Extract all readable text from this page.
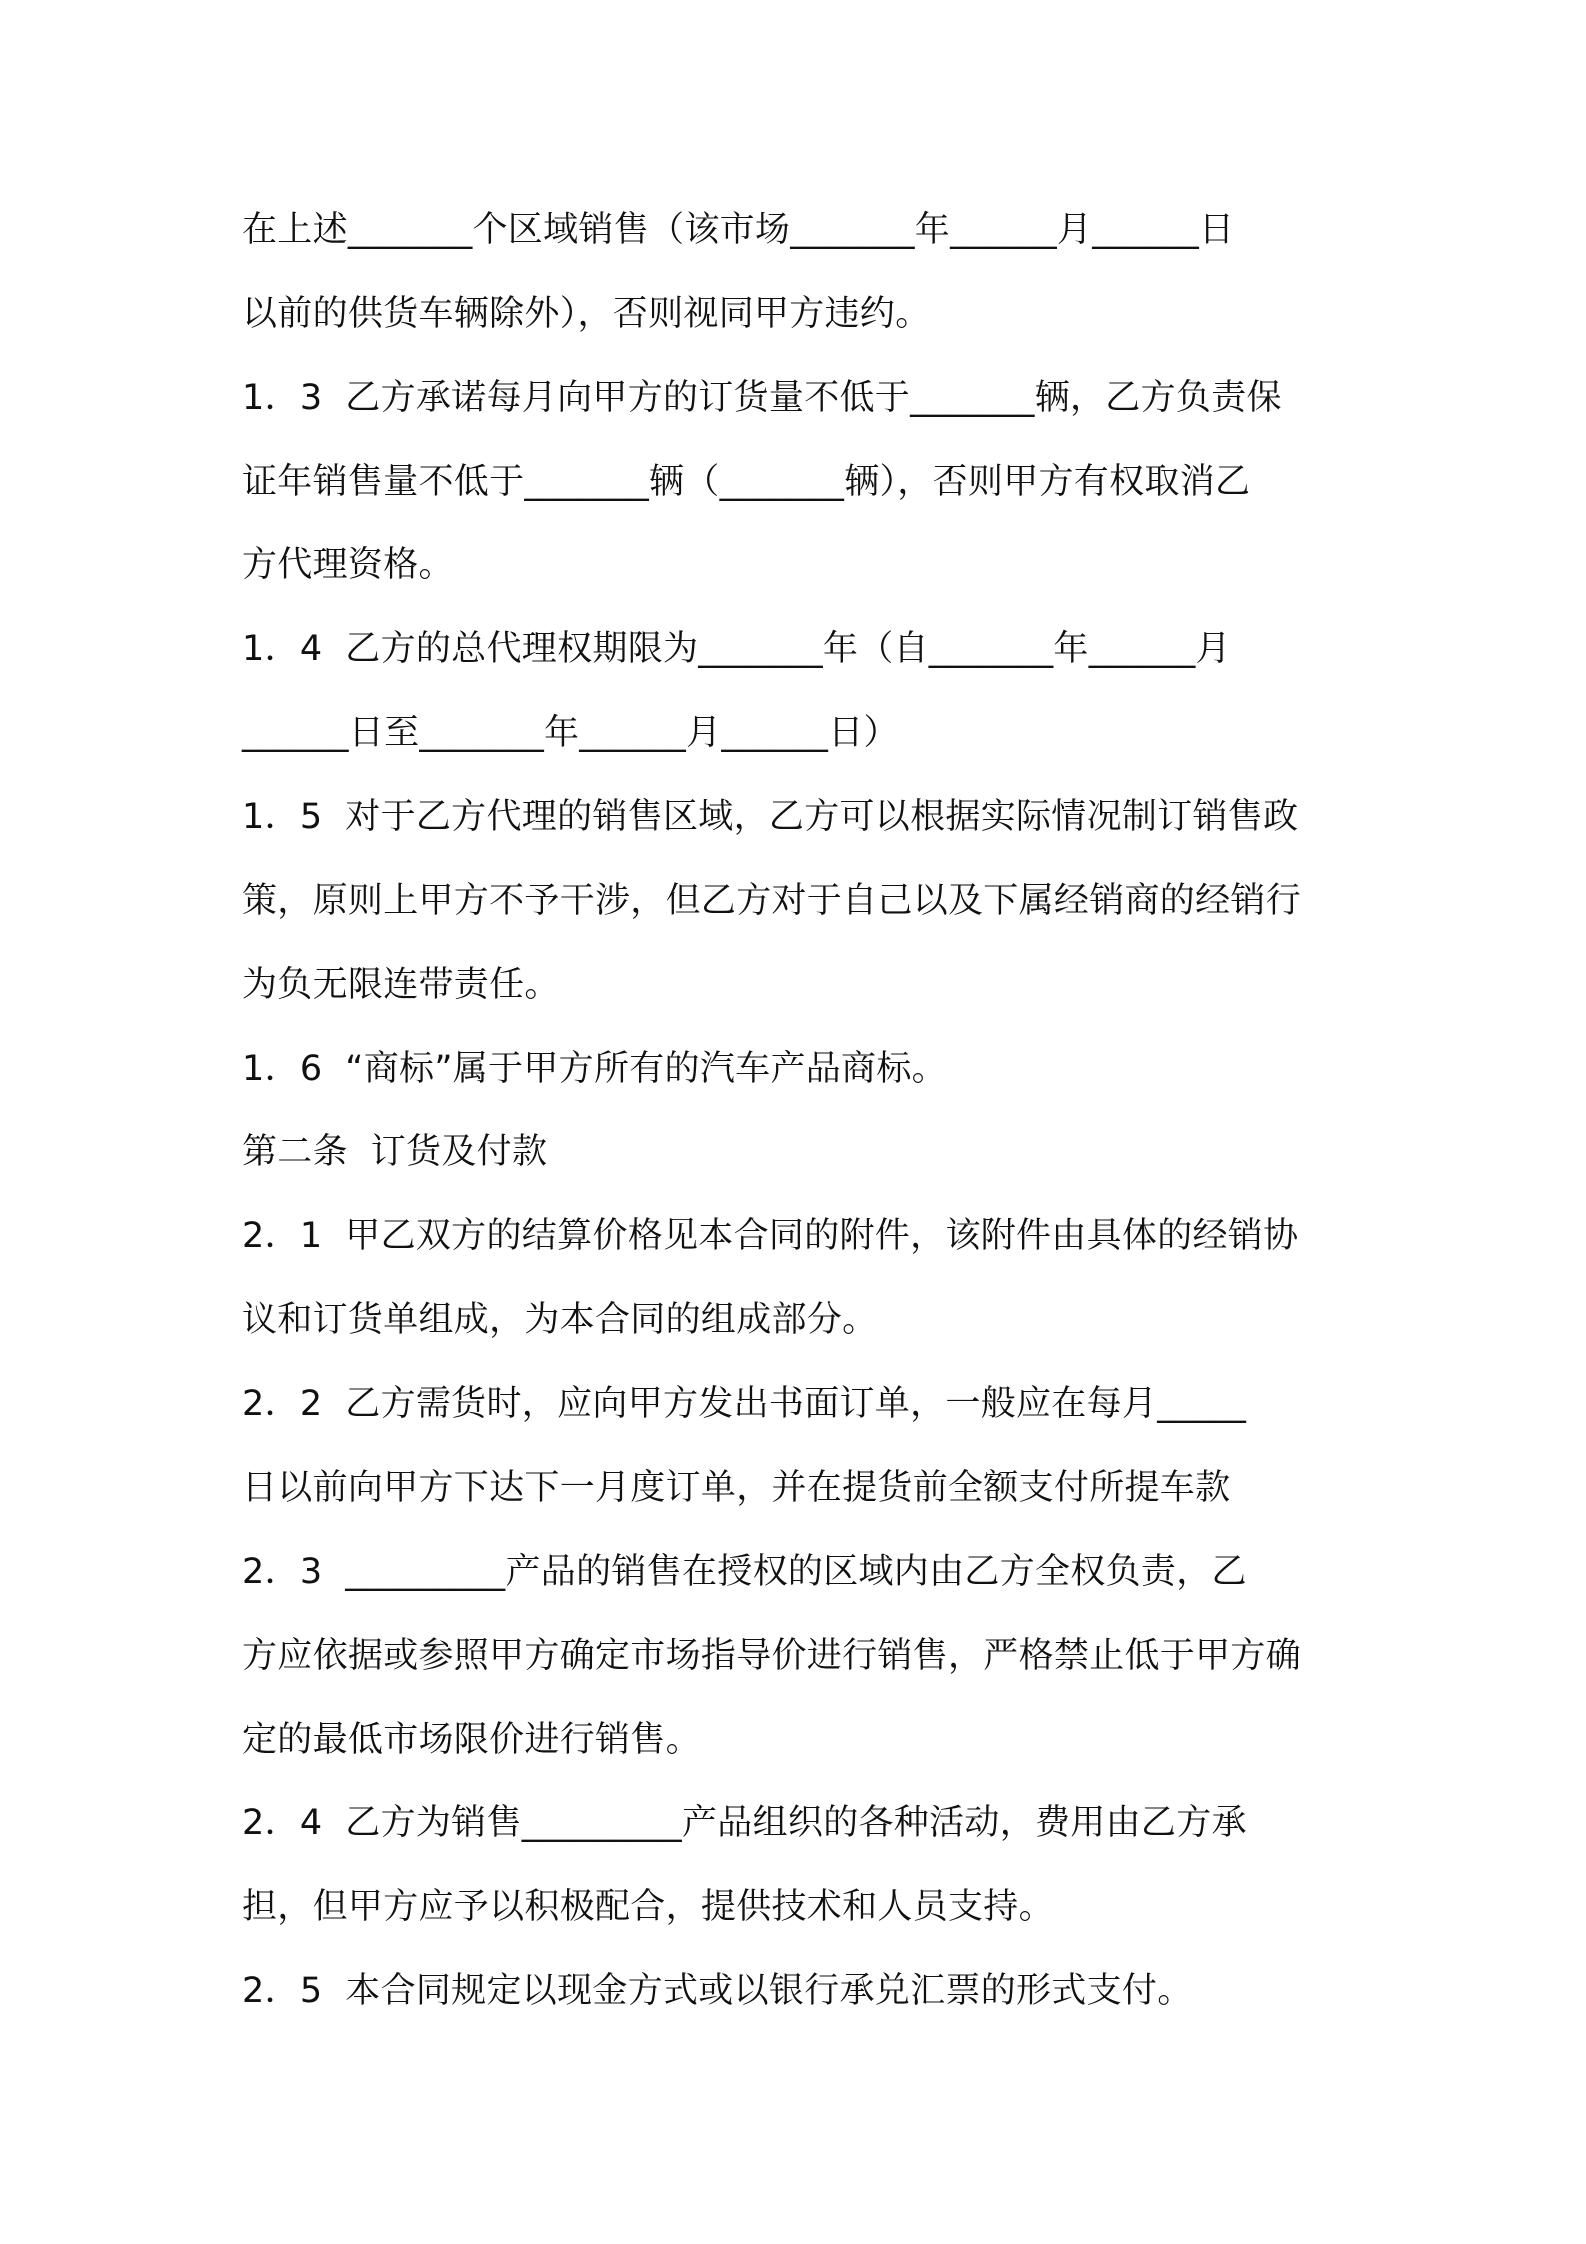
在上述_______个区域销售（该市场_______年______月______日
以前的供货车辆除外），否则视同甲方违约。
1．3  乙方承诺每月向甲方的订货量不低于_______辆，乙方负责保
证年销售量不低于_______辆（_______辆），否则甲方有权取消乙
方代理资格。
1．4  乙方的总代理权期限为_______年（自_______年______月
______日至_______年______月______日）
1．5  对于乙方代理的销售区域，乙方可以根据实际情况制订销售政
策，原则上甲方不予干涉，但乙方对于自己以及下属经销商的经销行
为负无限连带责任。
1．6  “商标”属于甲方所有的汽车产品商标。
第二条  订货及付款
2．1  甲乙双方的结算价格见本合同的附件，该附件由具体的经销协
议和订货单组成，为本合同的组成部分。
2．2  乙方需货时，应向甲方发出书面订单，一般应在每月_____
日以前向甲方下达下一月度订单，并在提货前全额支付所提车款
2．3  _________产品的销售在授权的区域内由乙方全权负责，乙
方应依据或参照甲方确定市场指导价进行销售，严格禁止低于甲方确
定的最低市场限价进行销售。
2．4  乙方为销售_________产品组织的各种活动，费用由乙方承
担，但甲方应予以积极配合，提供技术和人员支持。
2．5  本合同规定以现金方式或以银行承兑汇票的形式支付。
